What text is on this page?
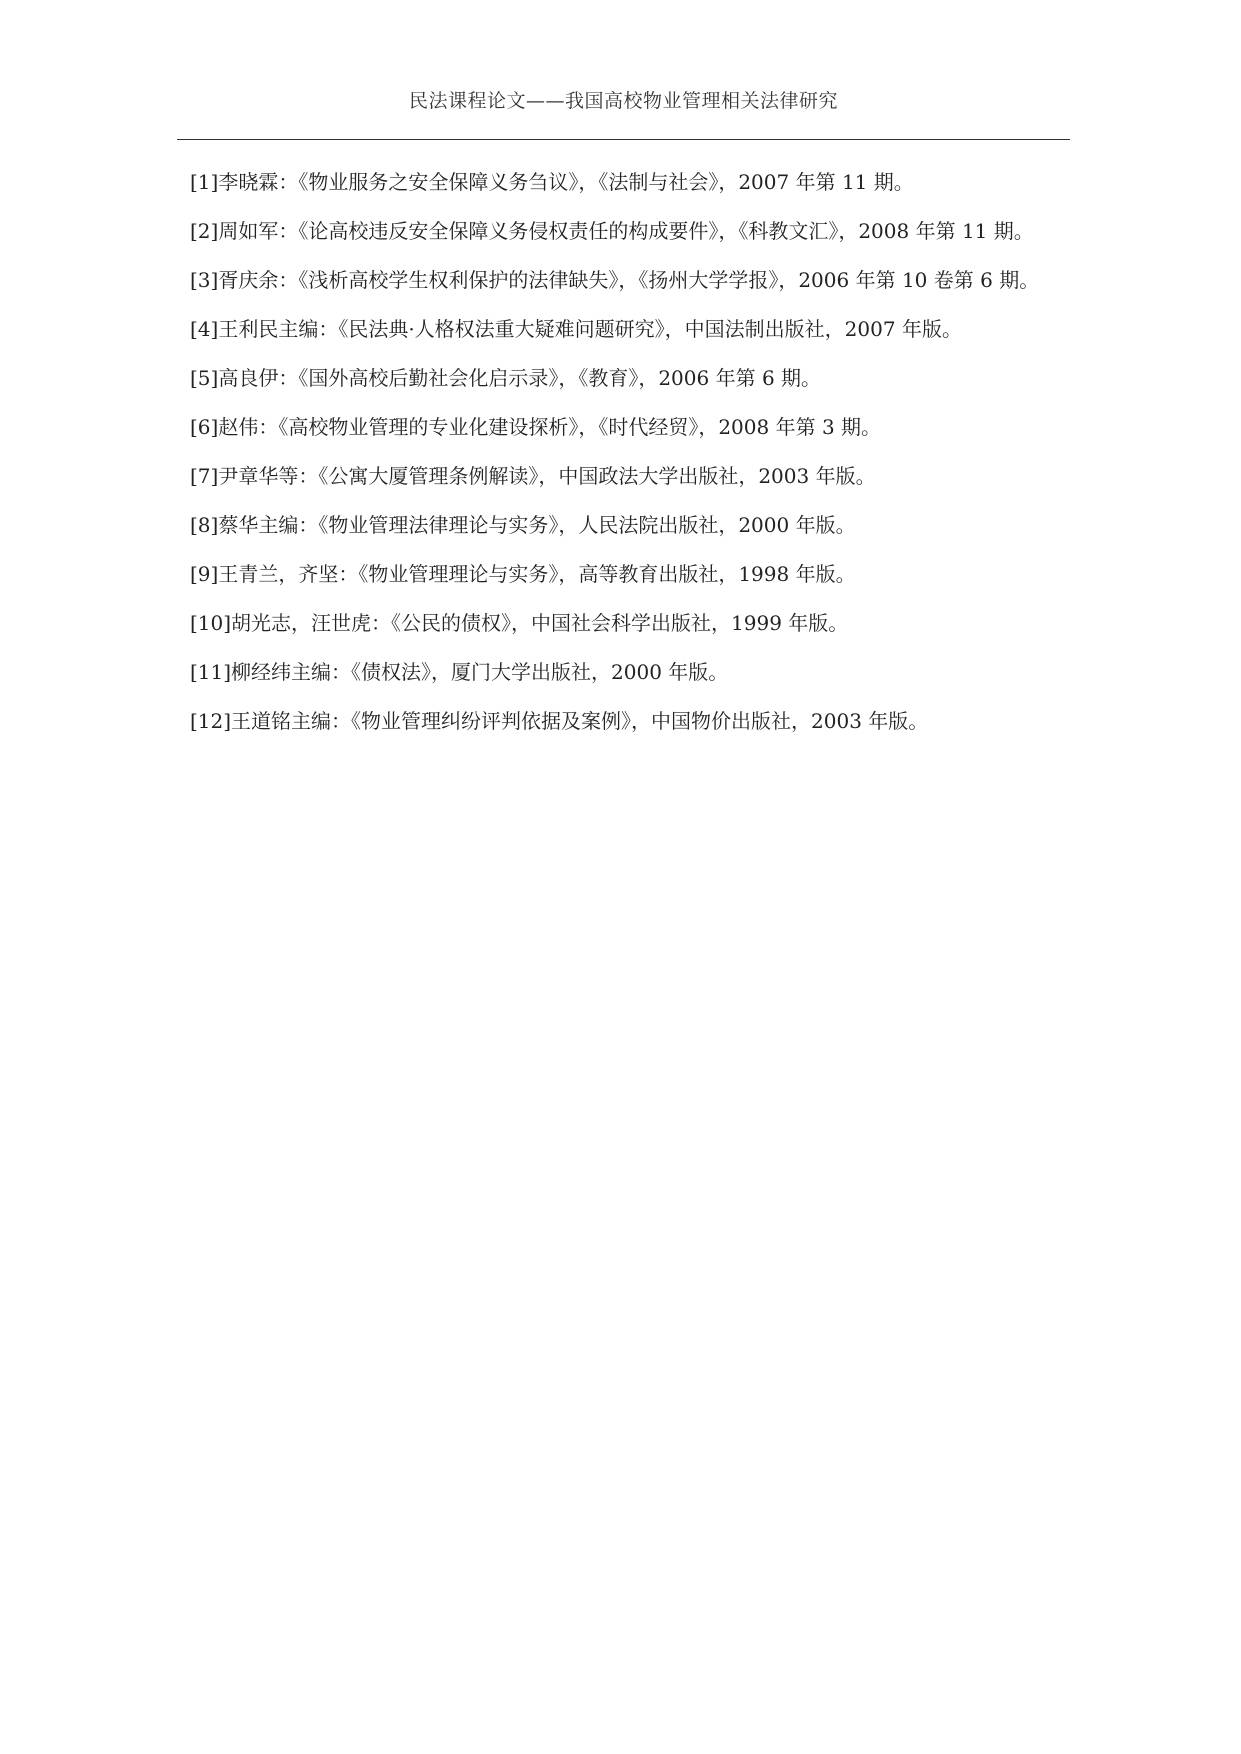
民法课程论文——我国高校物业管理相关法律研究
[1]李晓霖：《物业服务之安全保障义务刍议》，《法制与社会》，2007 年第 11 期。
[2]周如军：《论高校违反安全保障义务侵权责任的构成要件》，《科教文汇》，2008 年第 11 期。
[3]胥庆余：《浅析高校学生权利保护的法律缺失》，《扬州大学学报》，2006 年第 10 卷第 6 期。
[4]王利民主编：《民法典·人格权法重大疑难问题研究》，中国法制出版社，2007 年版。
[5]高良伊：《国外高校后勤社会化启示录》，《教育》，2006 年第 6 期。
[6]赵伟：《高校物业管理的专业化建设探析》，《时代经贸》，2008 年第 3 期。
[7]尹章华等：《公寓大厦管理条例解读》，中国政法大学出版社，2003 年版。
[8]蔡华主编：《物业管理法律理论与实务》，人民法院出版社，2000 年版。
[9]王青兰，齐坚：《物业管理理论与实务》，高等教育出版社，1998 年版。
[10]胡光志，汪世虎：《公民的债权》，中国社会科学出版社，1999 年版。
[11]柳经纬主编：《债权法》，厦门大学出版社，2000 年版。
[12]王道铭主编：《物业管理纠纷评判依据及案例》，中国物价出版社，2003 年版。
